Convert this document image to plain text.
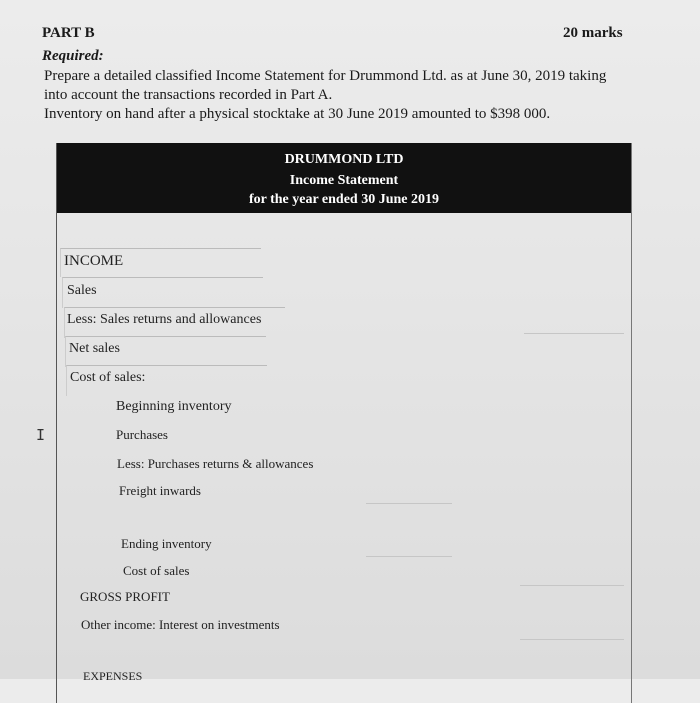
PART B	20 marks
Required:
Prepare a detailed classified Income Statement for Drummond Ltd. as at June 30, 2019 taking
into account the transactions recorded in Part A.
Inventory on hand after a physical stocktake at 30 June 2019 amounted to $398 000.
DRUMMOND LTD
Income Statement
for the year ended 30 June 2019
INCOME
Sales
Less: Sales returns and allowances
Net sales
Cost of sales:
Beginning inventory
Purchases
Less: Purchases returns & allowances
Freight inwards
Ending inventory
Cost of sales
GROSS PROFIT
Other income: Interest on investments
EXPENSES
I
